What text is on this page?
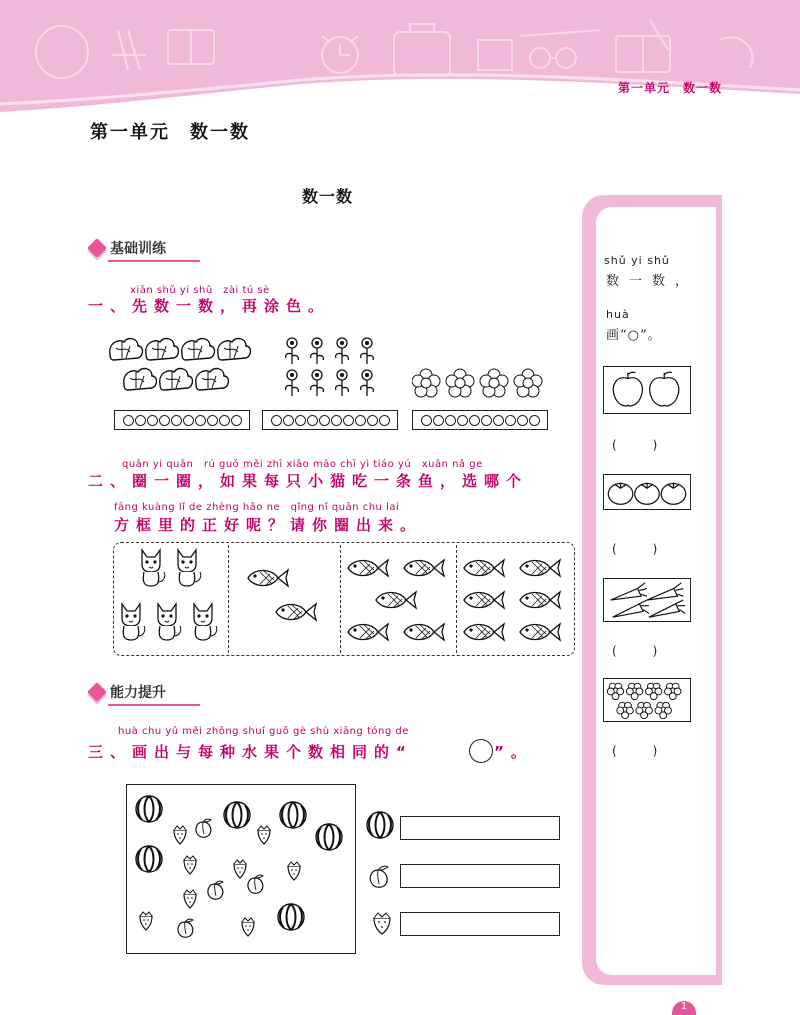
第一单元　数一数
第一单元　数一数
数一数
基础训练
xiān shǔ yi shǔ　zài tú sè
一、先数一数，再涂色。
quān yi quān　rú guǒ měi zhī xiǎo māo chī yì tiáo yú　xuǎn nǎ ge
二、圈一圈，如果每只小猫吃一条鱼，选哪个
fāng kuàng lǐ de zhèng hǎo ne　qǐng nǐ quān chu lai
方框里的正好呢？请你圈出来。
能力提升
huà chu yǔ měi zhǒng shuǐ guǒ gè shù xiāng tóng de
三、画出与每种水果个数相同的“	”。
shǔ yi shǔ
数一数，
huà
画“○”。
(　　　)
(　　　)
(　　　)
(　　　)
1
